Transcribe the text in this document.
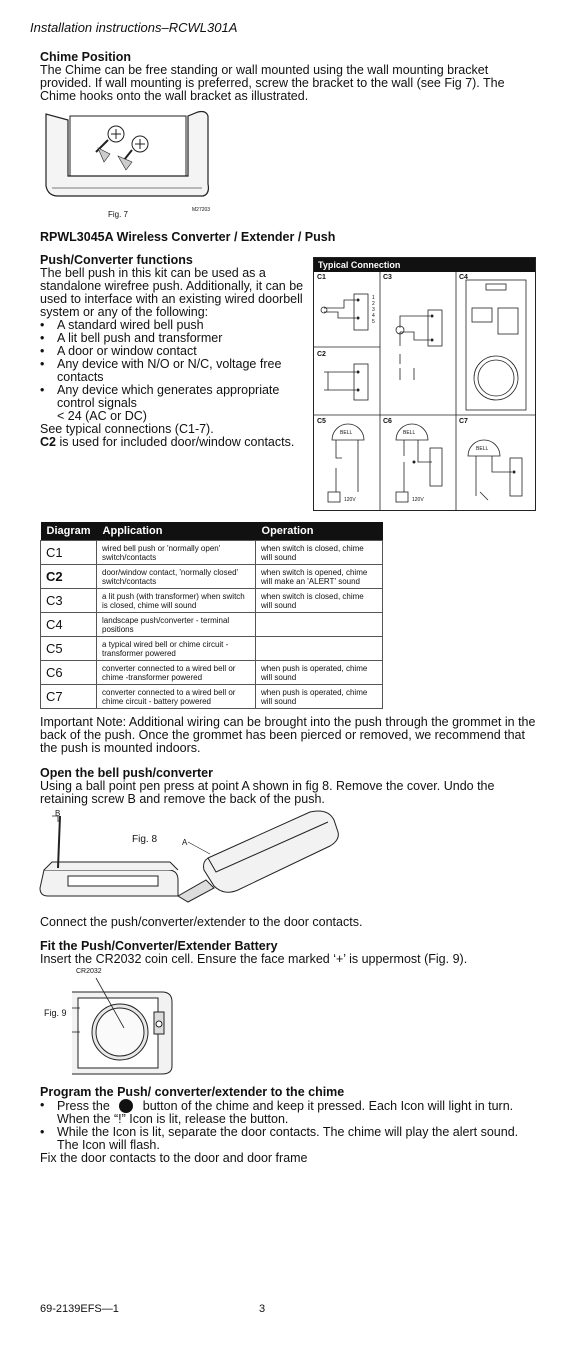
Installation instructions–RCWL301A
Chime Position

The Chime can be free standing or wall mounted using the wall mounting bracket provided. If wall mounting is preferred, screw the bracket to the wall (see Fig 7). The Chime hooks onto the wall bracket as illustrated.

Fig. 7	M27203
RPWL3045A Wireless Converter / Extender / Push
Push/Converter functions

The bell push in this kit can be used as a standalone wirefree push. Additionally, it can be used to interface with an existing wired doorbell system or any of the following:

• A standard wired bell push
• A lit bell push and transformer
• A door or window contact
• Any device with N/O or N/C, voltage free contacts
• Any device which generates appropriate control signals

< 24 (AC or DC)

See typical connections (C1-7).

C2 is used for included door/window contacts.

Typical Connection
C1
C2
C3	C4
C5	C6	C7
BELL	BELL
BELL
120V	120V
1
2
3
4
5
Diagram	Application	Operation
C1	wired bell push or 'normally open' switch/contacts	when switch is closed, chime will sound
C2	door/window contact, 'normally closed' switch/contacts	when switch is opened, chime will make an 'ALERT' sound
C3	a lit push (with transformer) when switch is closed, chime will sound	when switch is closed, chime will sound
C4	landscape push/converter - terminal positions	
C5	a typical wired bell or chime circuit - transformer powered	
C6	converter connected to a wired bell or chime -transformer powered	when push is operated, chime will sound
C7	converter connected to a wired bell or chime circuit - battery powered	when push is operated, chime will sound

Important Note: Additional wiring can be brought into the push through the grommet in the back of the push. Once the grommet has been pierced or removed, we recommend that the push is mounted indoors.

Open the bell push/converter

Using a ball point pen press at point A shown in fig 8. Remove the cover. Undo the retaining screw B and remove the back of the push.

B
Fig. 8	A

Connect the push/converter/extender to the door contacts.

Fit the Push/Converter/Extender Battery

Insert the CR2032 coin cell. Ensure the face marked ‘+’ is uppermost (Fig. 9).

CR2032
Fig. 9
Program the Push/ converter/extender to the chime
• Press the	button of the chime and keep it pressed. Each Icon will light in turn. When the “!” Icon is lit, release the button.
• While the Icon is lit, separate the door contacts. The chime will play the alert sound. The Icon will flash.

Fix the door contacts to the door and door frame

69-2139EFS—1	3
